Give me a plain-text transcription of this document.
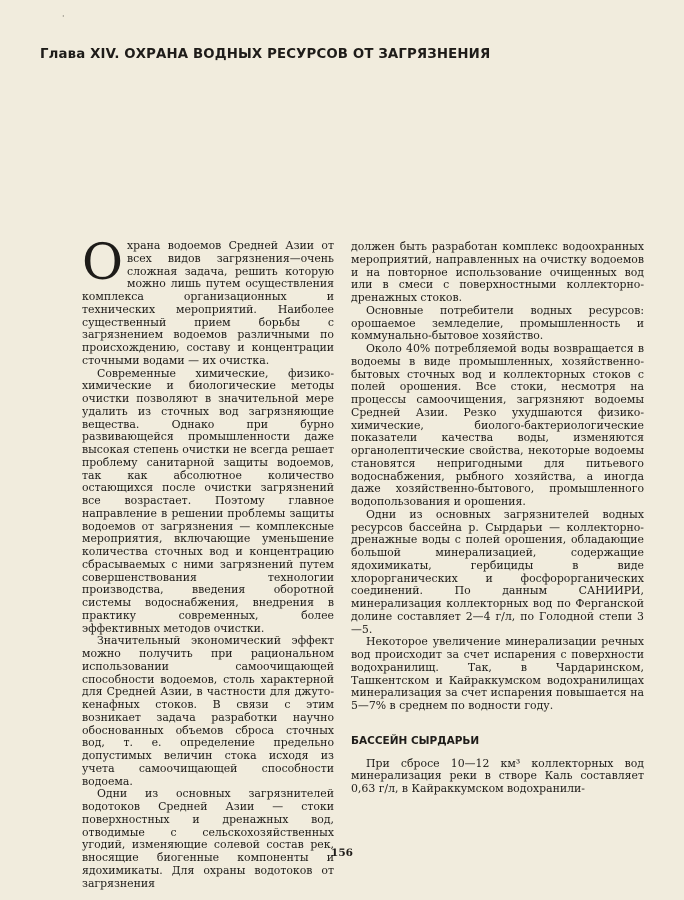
·
Глава XIV. ОХРАНА ВОДНЫХ РЕСУРСОВ ОТ ЗАГРЯЗНЕНИЯ

Охрана водоемов Средней Азии от всех видов загрязнения—очень сложная задача, решить которую можно лишь путем осуществления комплекса организационных и технических мероприятий. Наиболее существенный прием борьбы с загрязнением водоемов различными по происхождению, составу и концентрации сточными водами — их очистка.

Современные химические, физико-химические и биологические методы очистки позволяют в значительной мере удалить из сточных вод загрязняющие вещества. Однако при бурно развивающейся промышленности даже высокая степень очистки не всегда решает проблему санитарной защиты водоемов, так как абсолютное количество остающихся после очистки загрязнений все возрастает. Поэтому главное направление в решении проблемы защиты водоемов от загрязнения — комплексные мероприятия, включающие уменьшение количества сточных вод и концентрацию сбрасываемых с ними загрязнений путем совершенствования технологии производства, введения оборотной системы водоснабжения, внедрения в практику современных, более эффективных методов очистки.

Значительный экономический эффект можно получить при рациональном использовании самоочищающей способности водоемов, столь характерной для Средней Азии, в частности для джуто-кенафных стоков. В связи с этим возникает задача разработки научно обоснованных объемов сброса сточных вод, т. е. определение предельно допустимых величин стока исходя из учета самоочищающей способности водоема.

Одни из основных загрязнителей водотоков Средней Азии — стоки поверхностных и дренажных вод, отводимые с сельскохозяйственных угодий, изменяющие солевой состав рек, вносящие биогенные компоненты и ядохимикаты. Для охраны водотоков от загрязнения

должен быть разработан комплекс водоохранных мероприятий, направленных на очистку водоемов и на повторное использование очищенных вод или в смеси с поверхностными коллекторно-дренажных стоков.

Основные потребители водных ресурсов: орошаемое земледелие, промышленность и коммунально-бытовое хозяйство.

Около 40% потребляемой воды возвращается в водоемы в виде промышленных, хозяйственно-бытовых сточных вод и коллекторных стоков с полей орошения. Все стоки, несмотря на процессы самоочищения, загрязняют водоемы Средней Азии. Резко ухудшаются физико-химические, биолого-бактериологические показатели качества воды, изменяются органолептические свойства, некоторые водоемы становятся непригодными для питьевого водоснабжения, рыбного хозяйства, а иногда даже хозяйственно-бытового, промышленного водопользования и орошения.

Одни из основных загрязнителей водных ресурсов бассейна р. Сырдарьи — коллекторно-дренажные воды с полей орошения, обладающие большой минерализацией, содержащие ядохимикаты, гербициды в виде хлорорганических и фосфорорганических соединений. По данным САНИИРИ, минерализация коллекторных вод по Ферганской долине составляет 2—4 г/л, по Голодной степи 3—5.

Некоторое увеличение минерализации речных вод происходит за счет испарения с поверхности водохранилищ. Так, в Чардаринском, Ташкентском и Кайраккумском водохранилищах минерализация за счет испарения повышается на 5—7% в среднем по водности году.

БАССЕЙН СЫРДАРЬИ

При сбросе 10—12 км³ коллекторных вод минерализация реки в створе Каль составляет 0,63 г/л, в Кайраккумском водохранили-

156
